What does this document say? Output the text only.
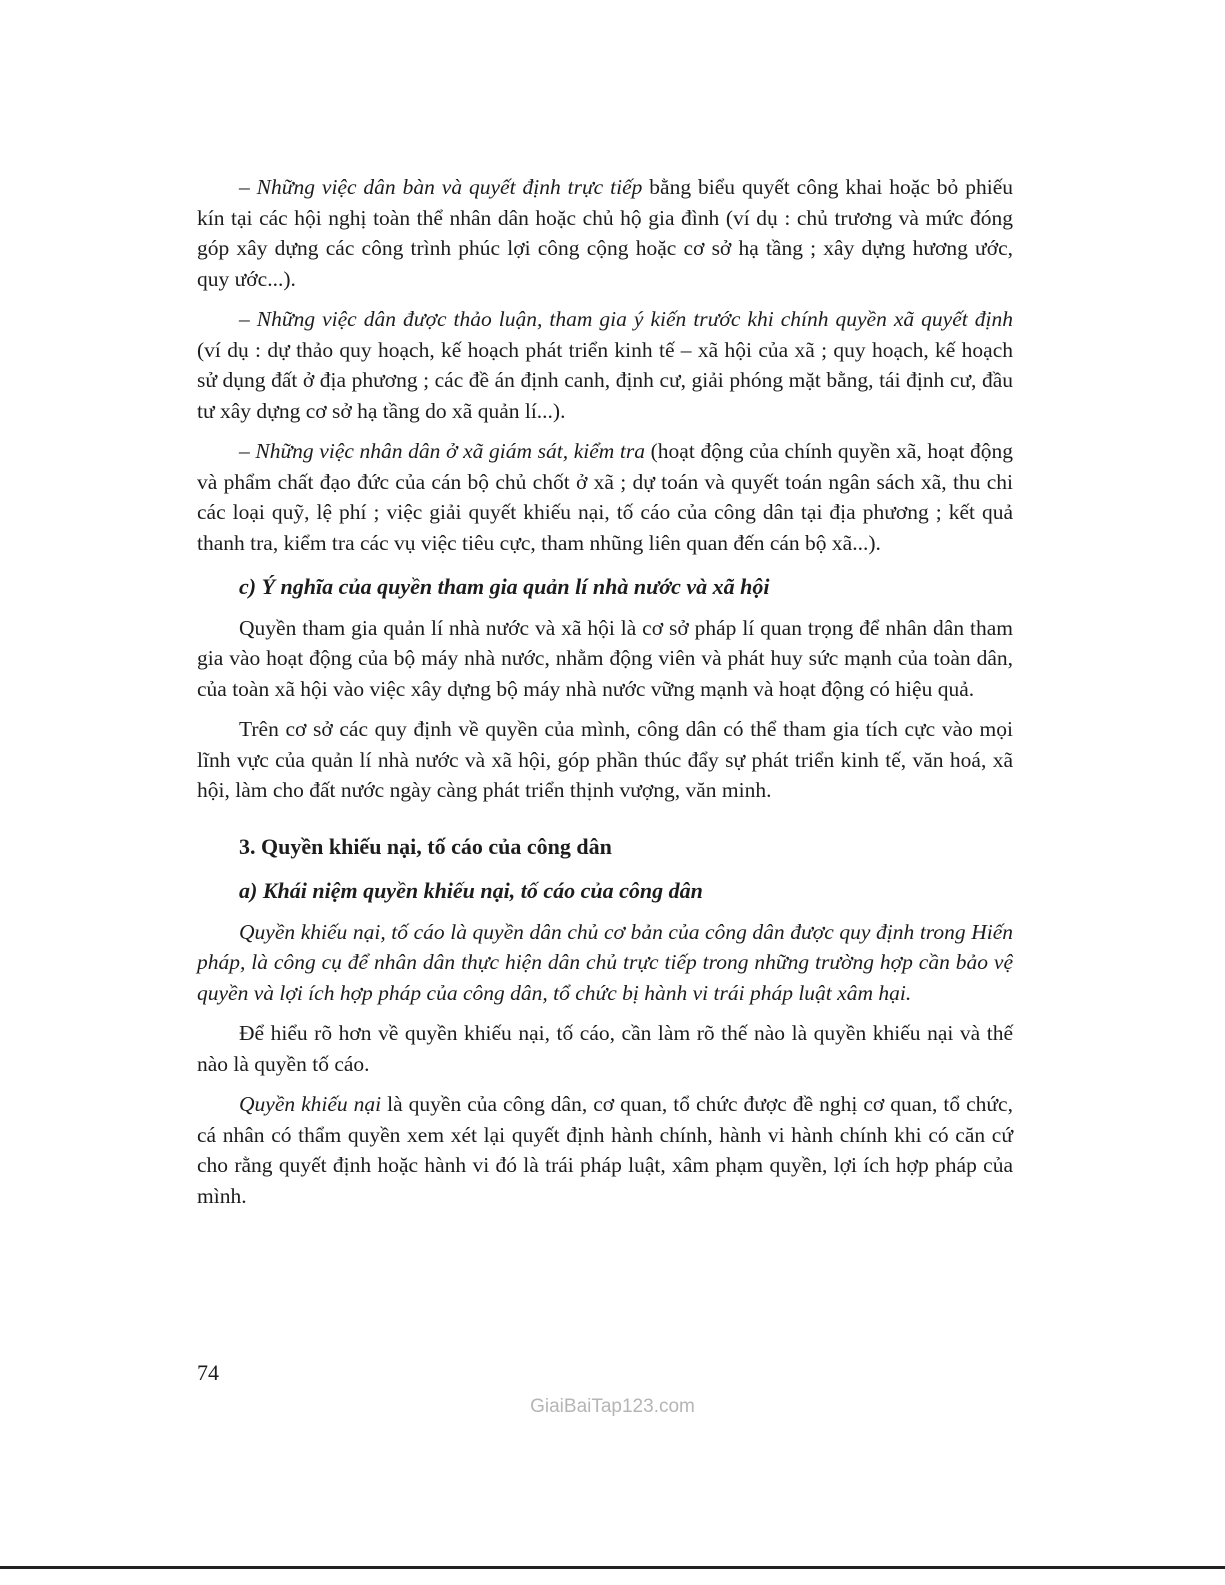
– Những việc dân bàn và quyết định trực tiếp bằng biểu quyết công khai hoặc bỏ phiếu kín tại các hội nghị toàn thể nhân dân hoặc chủ hộ gia đình (ví dụ : chủ trương và mức đóng góp xây dựng các công trình phúc lợi công cộng hoặc cơ sở hạ tầng ; xây dựng hương ước, quy ước...).

– Những việc dân được thảo luận, tham gia ý kiến trước khi chính quyền xã quyết định (ví dụ : dự thảo quy hoạch, kế hoạch phát triển kinh tế – xã hội của xã ; quy hoạch, kế hoạch sử dụng đất ở địa phương ; các đề án định canh, định cư, giải phóng mặt bằng, tái định cư, đầu tư xây dựng cơ sở hạ tầng do xã quản lí...).

– Những việc nhân dân ở xã giám sát, kiểm tra (hoạt động của chính quyền xã, hoạt động và phẩm chất đạo đức của cán bộ chủ chốt ở xã ; dự toán và quyết toán ngân sách xã, thu chi các loại quỹ, lệ phí ; việc giải quyết khiếu nại, tố cáo của công dân tại địa phương ; kết quả thanh tra, kiểm tra các vụ việc tiêu cực, tham nhũng liên quan đến cán bộ xã...).

c) Ý nghĩa của quyền tham gia quản lí nhà nước và xã hội

Quyền tham gia quản lí nhà nước và xã hội là cơ sở pháp lí quan trọng để nhân dân tham gia vào hoạt động của bộ máy nhà nước, nhằm động viên và phát huy sức mạnh của toàn dân, của toàn xã hội vào việc xây dựng bộ máy nhà nước vững mạnh và hoạt động có hiệu quả.

Trên cơ sở các quy định về quyền của mình, công dân có thể tham gia tích cực vào mọi lĩnh vực của quản lí nhà nước và xã hội, góp phần thúc đẩy sự phát triển kinh tế, văn hoá, xã hội, làm cho đất nước ngày càng phát triển thịnh vượng, văn minh.

3. Quyền khiếu nại, tố cáo của công dân
a) Khái niệm quyền khiếu nại, tố cáo của công dân

Quyền khiếu nại, tố cáo là quyền dân chủ cơ bản của công dân được quy định trong Hiến pháp, là công cụ để nhân dân thực hiện dân chủ trực tiếp trong những trường hợp cần bảo vệ quyền và lợi ích hợp pháp của công dân, tổ chức bị hành vi trái pháp luật xâm hại.

Để hiểu rõ hơn về quyền khiếu nại, tố cáo, cần làm rõ thế nào là quyền khiếu nại và thế nào là quyền tố cáo.

Quyền khiếu nại là quyền của công dân, cơ quan, tổ chức được đề nghị cơ quan, tổ chức, cá nhân có thẩm quyền xem xét lại quyết định hành chính, hành vi hành chính khi có căn cứ cho rằng quyết định hoặc hành vi đó là trái pháp luật, xâm phạm quyền, lợi ích hợp pháp của mình.

74
GiaiBaiTap123.com
